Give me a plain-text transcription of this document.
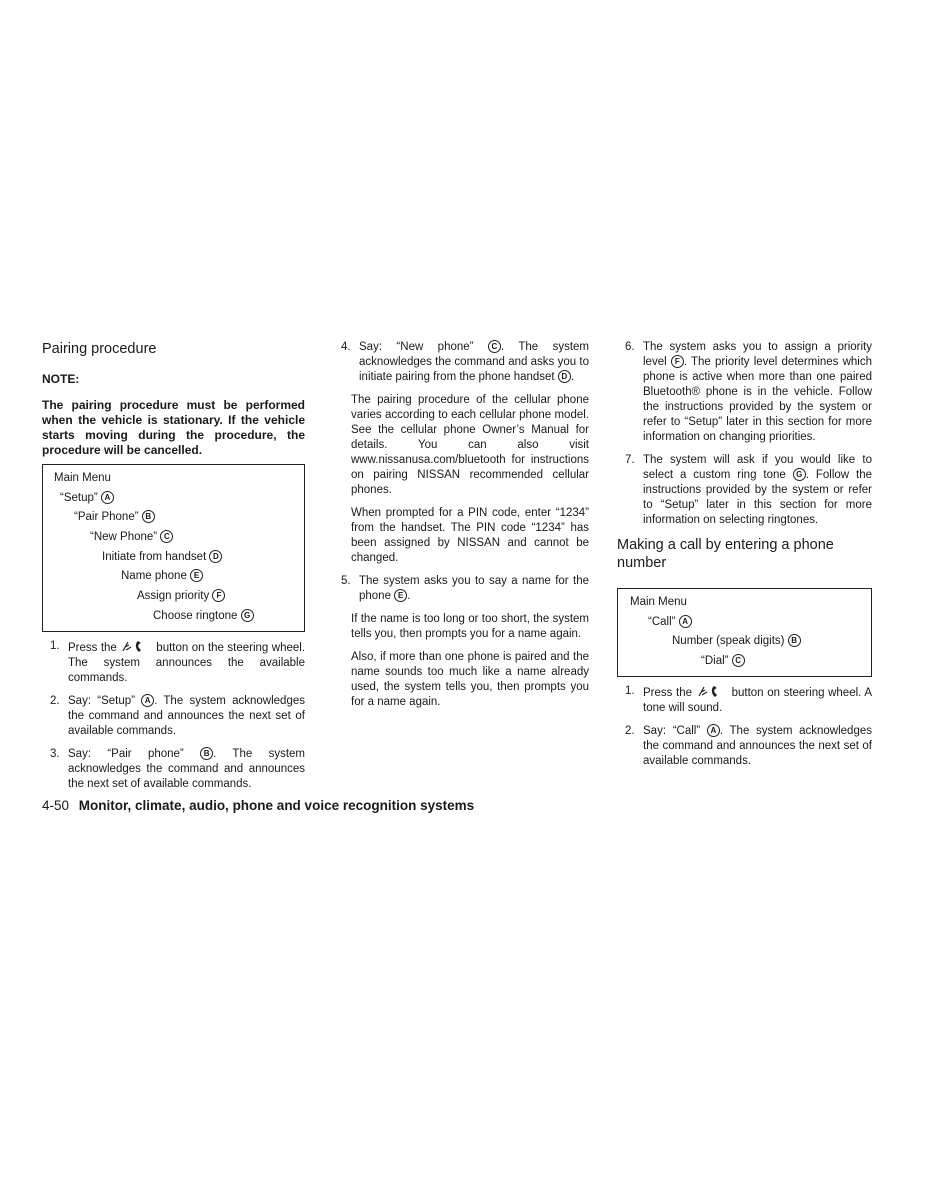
Pairing procedure
NOTE:
The pairing procedure must be performed when the vehicle is stationary. If the vehicle starts moving during the procedure, the procedure will be cancelled.
Main Menu
“Setup” A
“Pair Phone” B
“New Phone” C
Initiate from handset D
Name phone E
Assign priority F
Choose ringtone G
1. Press the	button on the steering wheel. The system announces the available commands.
2. Say: “Setup” A . The system acknowledges the command and announces the next set of available commands.
3. Say: “Pair phone” B . The system acknowledges the command and announces the next set of available commands.
4. Say: “New phone” C . The system acknowledges the command and asks you to initiate pairing from the phone handset D .
The pairing procedure of the cellular phone varies according to each cellular phone model. See the cellular phone Owner’s Manual for details. You can also visit www.nissanusa.com/bluetooth for instructions on pairing NISSAN recommended cellular phones.
When prompted for a PIN code, enter “1234” from the handset. The PIN code “1234” has been assigned by NISSAN and cannot be changed.
5. The system asks you to say a name for the phone E .
If the name is too long or too short, the system tells you, then prompts you for a name again.
Also, if more than one phone is paired and the name sounds too much like a name already used, the system tells you, then prompts you for a name again.
6. The system asks you to assign a priority level F . The priority level determines which phone is active when more than one paired Bluetooth® phone is in the vehicle. Follow the instructions provided by the system or refer to “Setup” later in this section for more information on changing priorities.
7. The system will ask if you would like to select a custom ring tone G . Follow the instructions provided by the system or refer to “Setup” later in this section for more information on selecting ringtones.
Making a call by entering a phone number
Main Menu
“Call” A
Number (speak digits) B
“Dial” C
1. Press the	button on steering wheel. A tone will sound.
2. Say: “Call” A . The system acknowledges the command and announces the next set of available commands.
4-50 Monitor, climate, audio, phone and voice recognition systems
